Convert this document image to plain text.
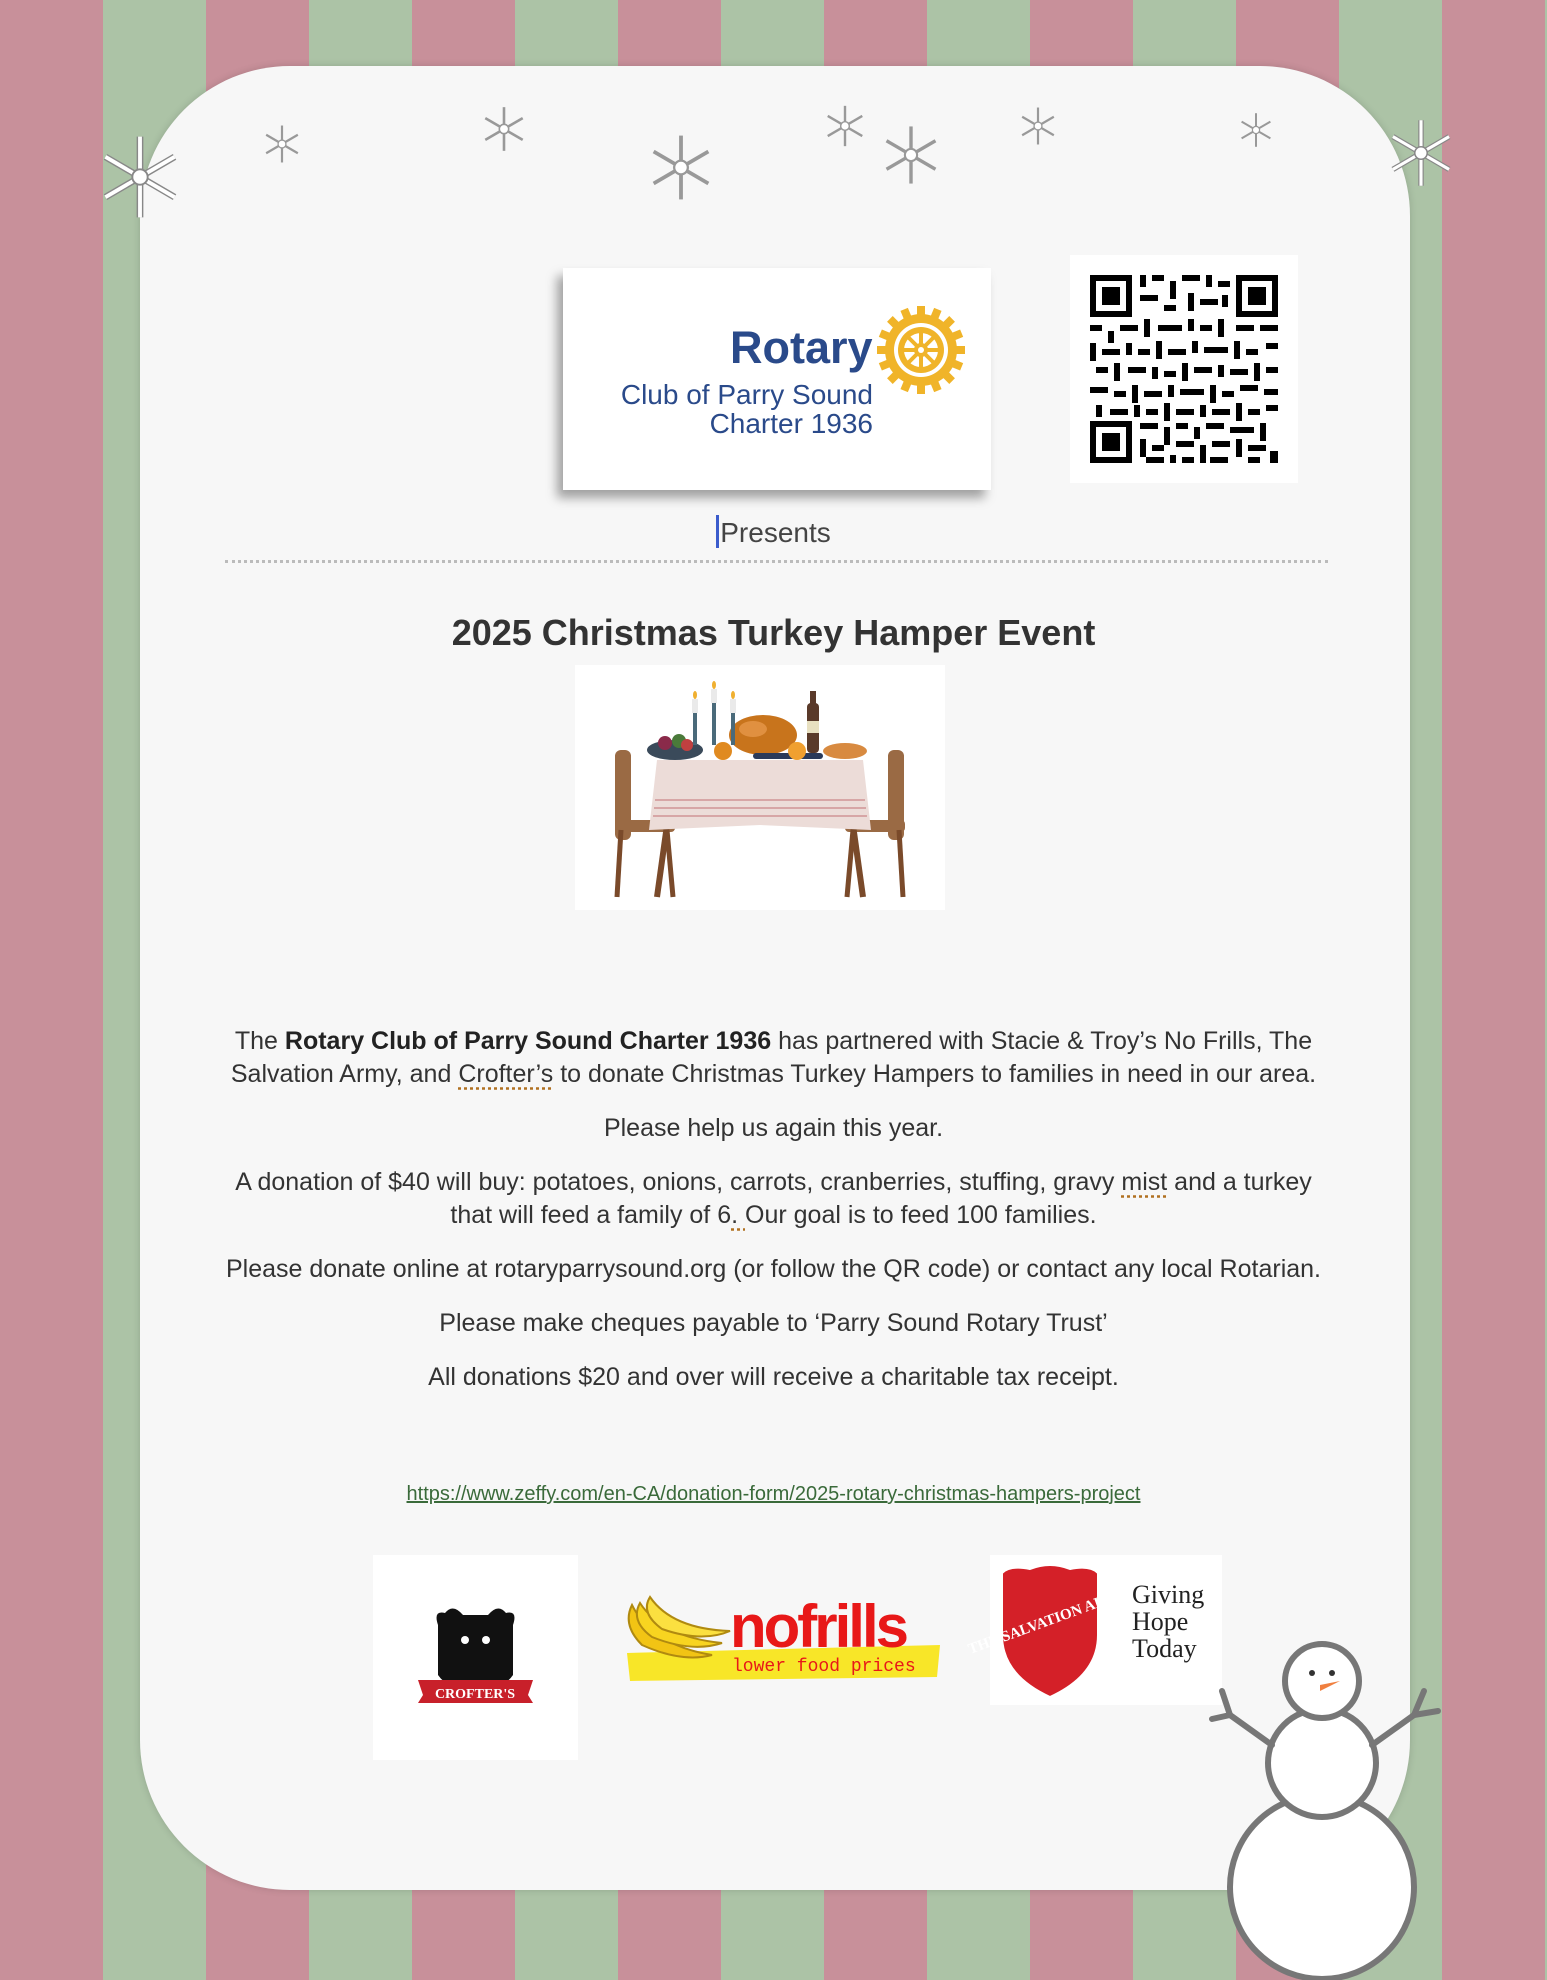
Rotary
Club of Parry Sound
Charter 1936
Presents
2025 Christmas Turkey Hamper Event

The Rotary Club of Parry Sound Charter 1936 has partnered with Stacie & Troy’s No Frills, The Salvation Army, and Crofter’s to donate Christmas Turkey Hampers to families in need in our area.

Please help us again this year.

A donation of $40 will buy: potatoes, onions, carrots, cranberries, stuffing, gravy mist and a turkey that will feed a family of 6. Our goal is to feed 100 families.

Please donate online at rotaryparrysound.org (or follow the QR code) or contact any local Rotarian.

Please make cheques payable to ‘Parry Sound Rotary Trust’

All donations $20 and over will receive a charitable tax receipt.

https://www.zeffy.com/en-CA/donation-form/2025-rotary-christmas-hampers-project
CROFTER'S
nofrills
lower food prices
THE SALVATION ARMY Giving
Hope
Today
